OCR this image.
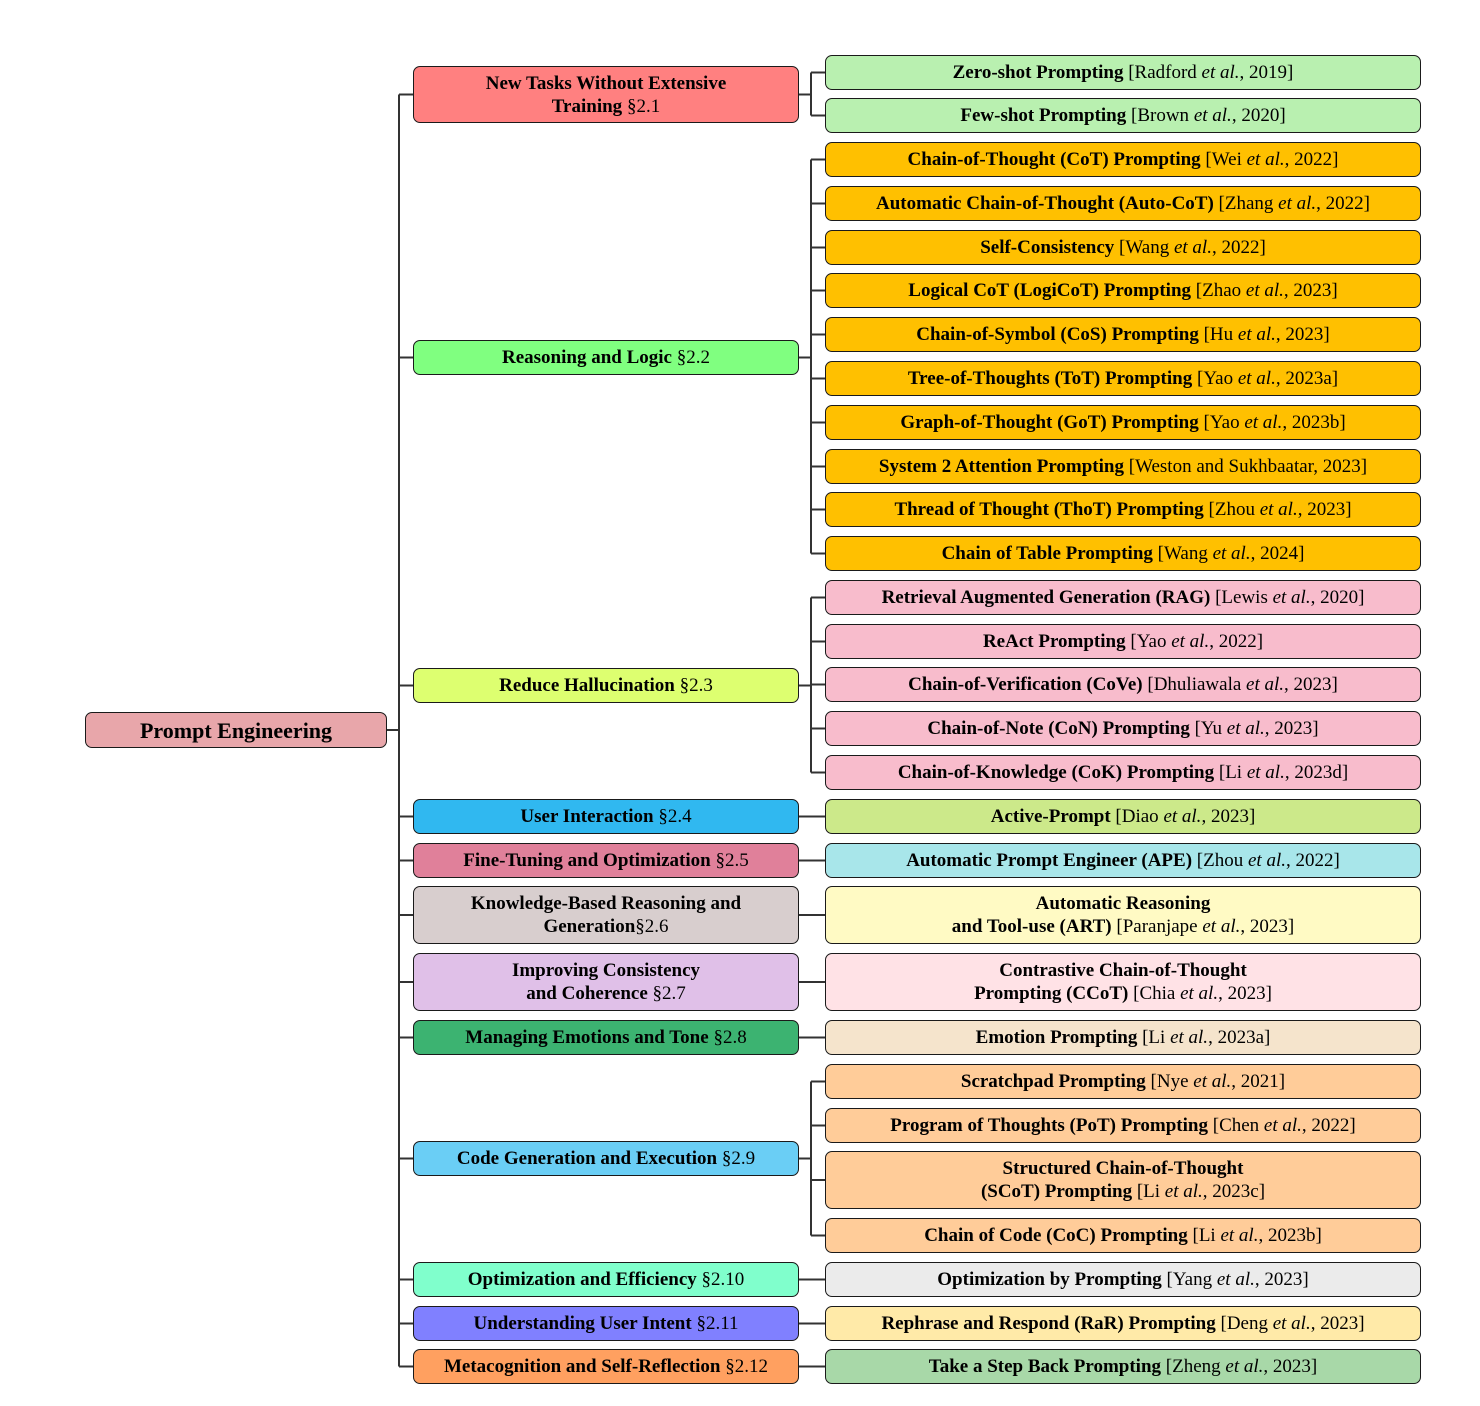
Prompt Engineering
New Tasks Without Extensive
Training §2.1
Zero-shot Prompting [Radford et al., 2019]
Few-shot Prompting [Brown et al., 2020]
Reasoning and Logic §2.2
Chain-of-Thought (CoT) Prompting [Wei et al., 2022]
Automatic Chain-of-Thought (Auto-CoT) [Zhang et al., 2022]
Self-Consistency [Wang et al., 2022]
Logical CoT (LogiCoT) Prompting [Zhao et al., 2023]
Chain-of-Symbol (CoS) Prompting [Hu et al., 2023]
Tree-of-Thoughts (ToT) Prompting [Yao et al., 2023a]
Graph-of-Thought (GoT) Prompting [Yao et al., 2023b]
System 2 Attention Prompting [Weston and Sukhbaatar, 2023]
Thread of Thought (ThoT) Prompting [Zhou et al., 2023]
Chain of Table Prompting [Wang et al., 2024]
Reduce Hallucination §2.3
Retrieval Augmented Generation (RAG) [Lewis et al., 2020]
ReAct Prompting [Yao et al., 2022]
Chain-of-Verification (CoVe) [Dhuliawala et al., 2023]
Chain-of-Note (CoN) Prompting [Yu et al., 2023]
Chain-of-Knowledge (CoK) Prompting [Li et al., 2023d]
User Interaction §2.4	Active-Prompt [Diao et al., 2023]
Fine-Tuning and Optimization §2.5	Automatic Prompt Engineer (APE) [Zhou et al., 2022]
Knowledge-Based Reasoning and
Generation§2.6
Automatic Reasoning
and Tool-use (ART) [Paranjape et al., 2023]
Improving Consistency
and Coherence §2.7
Contrastive Chain-of-Thought
Prompting (CCoT) [Chia et al., 2023]
Managing Emotions and Tone §2.8	Emotion Prompting [Li et al., 2023a]
Code Generation and Execution §2.9
Scratchpad Prompting [Nye et al., 2021]
Program of Thoughts (PoT) Prompting [Chen et al., 2022]
Structured Chain-of-Thought
(SCoT) Prompting [Li et al., 2023c]
Chain of Code (CoC) Prompting [Li et al., 2023b]
Optimization and Efficiency §2.10	Optimization by Prompting [Yang et al., 2023]
Understanding User Intent §2.11	Rephrase and Respond (RaR) Prompting [Deng et al., 2023]
Metacognition and Self-Reflection §2.12	Take a Step Back Prompting [Zheng et al., 2023]
